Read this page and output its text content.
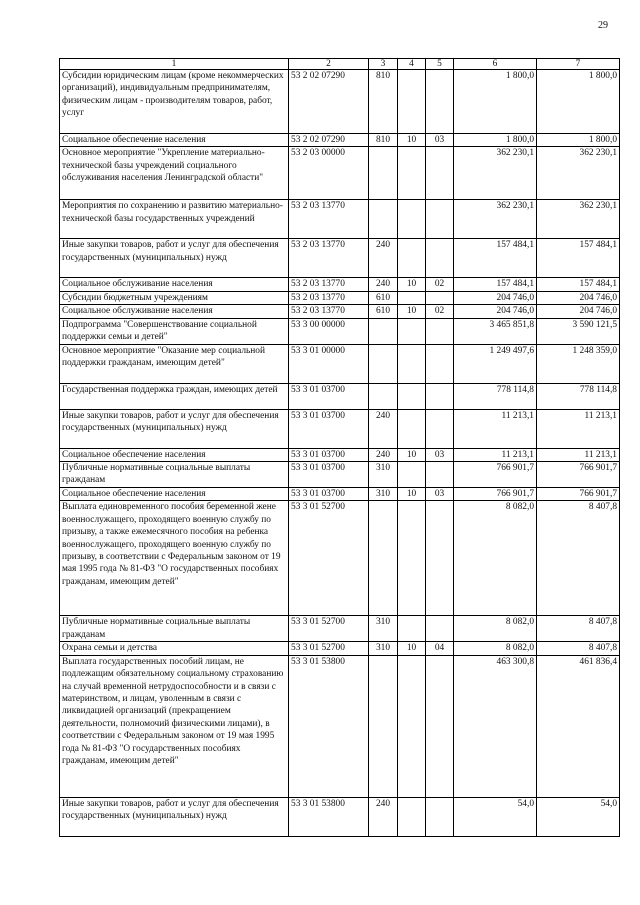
29
1	2	3	4	5	6	7
Субсидии юридическим лицам (кроме некоммерческих организаций), индивидуальным предпринимателям, физическим лицам - производителям товаров, работ, услуг	53 2 02 07290	810			1 800,0	1 800,0
Социальное обеспечение населения	53 2 02 07290	810	10	03	1 800,0	1 800,0
Основное мероприятие "Укрепление материально-технической базы учреждений социального обслуживания населения Ленинградской области"	53 2 03 00000				362 230,1	362 230,1
Мероприятия по сохранению и развитию материально-технической базы государственных учреждений	53 2 03 13770				362 230,1	362 230,1
Иные закупки товаров, работ и услуг для обеспечения государственных (муниципальных) нужд	53 2 03 13770	240			157 484,1	157 484,1
Социальное обслуживание населения	53 2 03 13770	240	10	02	157 484,1	157 484,1
Субсидии бюджетным учреждениям	53 2 03 13770	610			204 746,0	204 746,0
Социальное обслуживание населения	53 2 03 13770	610	10	02	204 746,0	204 746,0
Подпрограмма "Совершенствование социальной поддержки семьи и детей"	53 3 00 00000				3 465 851,8	3 590 121,5
Основное мероприятие "Оказание мер социальной поддержки гражданам, имеющим детей"	53 3 01 00000				1 249 497,6	1 248 359,0
Государственная поддержка граждан, имеющих детей	53 3 01 03700				778 114,8	778 114,8
Иные закупки товаров, работ и услуг для обеспечения государственных (муниципальных) нужд	53 3 01 03700	240			11 213,1	11 213,1
Социальное обеспечение населения	53 3 01 03700	240	10	03	11 213,1	11 213,1
Публичные нормативные социальные выплаты гражданам	53 3 01 03700	310			766 901,7	766 901,7
Социальное обеспечение населения	53 3 01 03700	310	10	03	766 901,7	766 901,7
Выплата единовременного пособия беременной жене военнослужащего, проходящего военную службу по призыву, а также ежемесячного пособия на ребенка военнослужащего, проходящего военную службу по призыву, в соответствии с Федеральным законом от 19 мая 1995 года № 81-ФЗ "О государственных пособиях гражданам, имеющим детей"	53 3 01 52700				8 082,0	8 407,8
Публичные нормативные социальные выплаты гражданам	53 3 01 52700	310			8 082,0	8 407,8
Охрана семьи и детства	53 3 01 52700	310	10	04	8 082,0	8 407,8
Выплата государственных пособий лицам, не подлежащим обязательному социальному страхованию на случай временной нетрудоспособности и в связи с материнством, и лицам, уволенным в связи с ликвидацией организаций (прекращением деятельности, полномочий физическими лицами), в соответствии с Федеральным законом от 19 мая 1995 года № 81-ФЗ "О государственных пособиях гражданам, имеющим детей"	53 3 01 53800				463 300,8	461 836,4
Иные закупки товаров, работ и услуг для обеспечения государственных (муниципальных) нужд	53 3 01 53800	240			54,0	54,0
